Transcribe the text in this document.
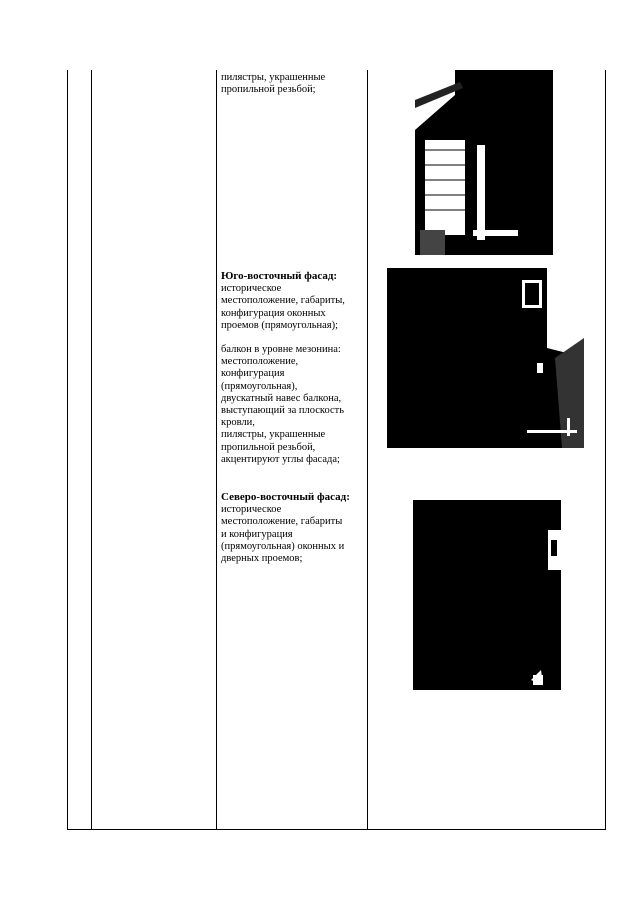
пилястры, украшенные

пропильной резьбой;

Юго-восточный фасад:

историческое

местоположение, габариты,

конфигурация оконных

проемов (прямоугольная);

балкон в уровне мезонина:

местоположение,

конфигурация

(прямоугольная),

двускатный навес балкона,

выступающий за плоскость

кровли,

пилястры, украшенные

пропильной резьбой,

акцентируют углы фасада;

Северо-восточный фасад:

историческое

местоположение, габариты

и конфигурация

(прямоугольная) оконных и

дверных проемов;
